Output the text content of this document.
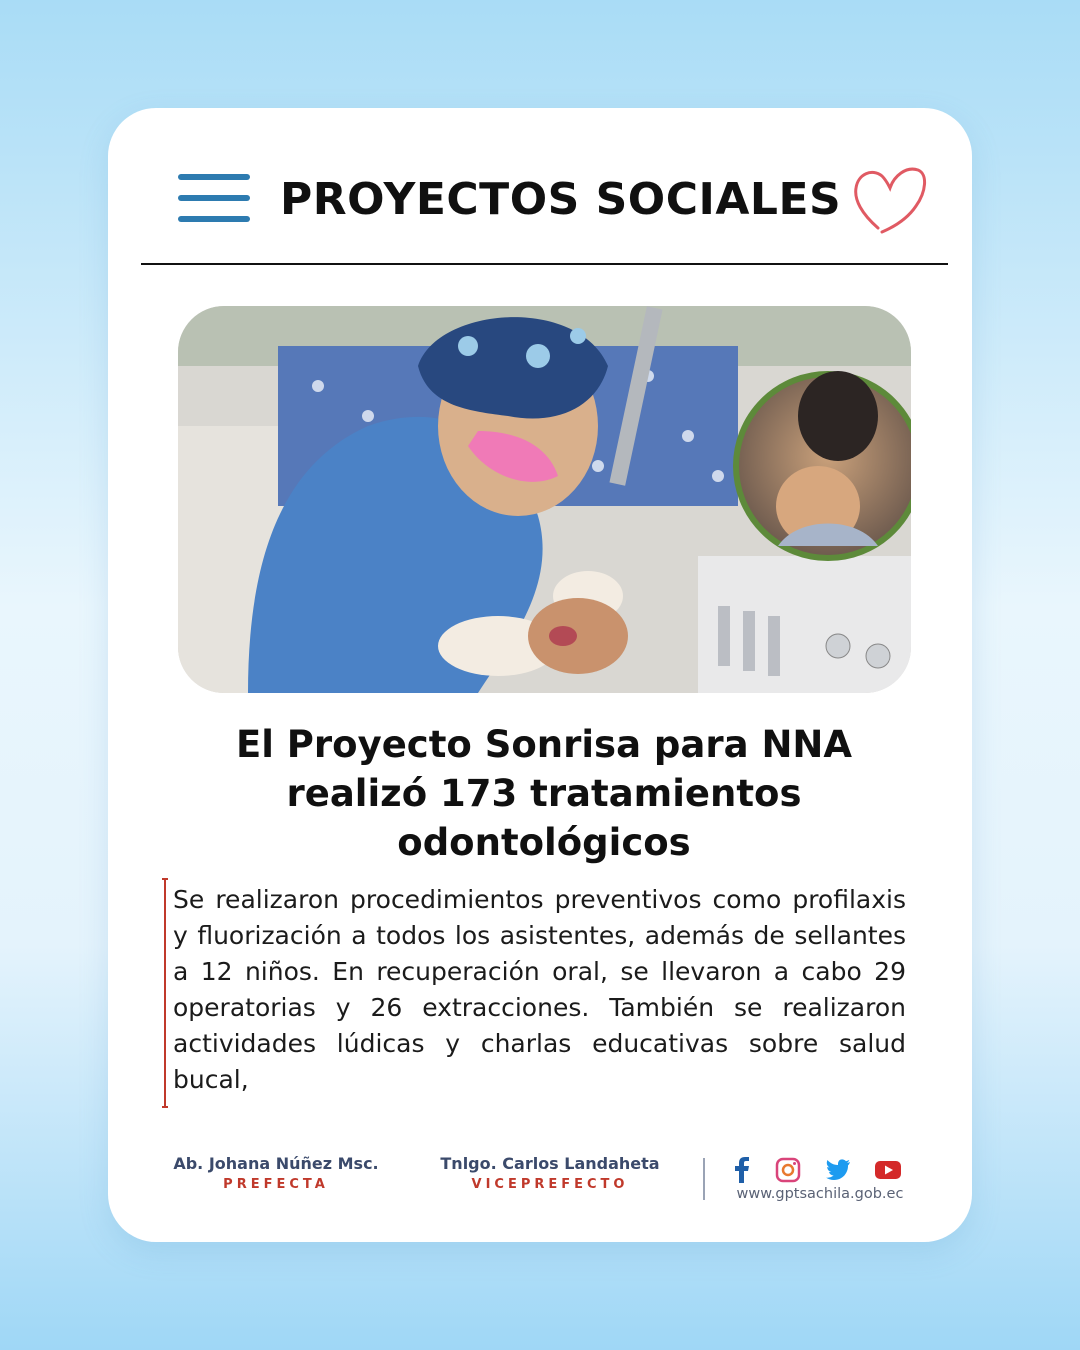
PROYECTOS SOCIALES
El Proyecto Sonrisa para NNA realizó 173 tratamientos odontológicos
Se realizaron procedimientos preventivos como profilaxis y fluorización a todos los asistentes, además de sellantes a 12 niños. En recuperación oral, se llevaron a cabo 29 operatorias y 26 extracciones. También se realizaron actividades lúdicas y charlas educativas sobre salud bucal,
Ab. Johana Núñez Msc.
PREFECTA
Tnlgo. Carlos Landaheta
VICEPREFECTO
www.gptsachila.gob.ec
